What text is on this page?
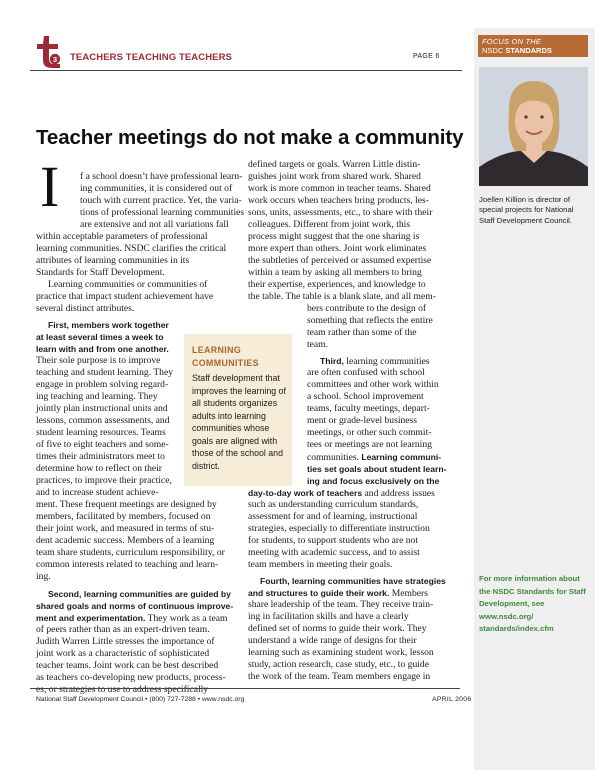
3 TEACHERS TEACHING TEACHERS	PAGE 6
FOCUS ON THE
NSDC STANDARDS
Joellen Killion is director of special projects for National Staff Development Council.
For more information about the NSDC Standards for Staff Development, see www.nsdc.org/ standards/index.cfm
Teacher meetings do not make a community
I f a school doesn’t have professional learn-
ing communities, it is considered out of
touch with current practice. Yet, the varia-
tions of professional learning communities
are extensive and not all variations fall
within acceptable parameters of professional
learning communities. NSDC clarifies the critical
attributes of learning communities in its
Standards for Staff Development.
Learning communities or communities of
practice that impact student achievement have
several distinct attributes.
First, members work together
at least several times a week to
learn with and from one another.
Their sole purpose is to improve
teaching and student learning. They
engage in problem solving regard-
ing teaching and learning. They
jointly plan instructional units and
lessons, common assessments, and
student learning resources. Teams
of five to eight teachers and some-
times their administrators meet to
determine how to reflect on their
practices, to improve their practice,
and to increase student achieve-
ment. These frequent meetings are designed by
members, facilitated by members, focused on
their joint work, and measured in terms of stu-
dent academic success. Members of a learning
team share students, curriculum responsibility, or
common interests related to teaching and learn-
ing.
Second, learning communities are guided by
shared goals and norms of continuous improve-
ment and experimentation. They work as a team
of peers rather than as an expert-driven team.
Judith Warren Little stresses the importance of
joint work as a characteristic of sophisticated
teacher teams. Joint work can be best described
as teachers co-developing new products, process-
es, or strategies to use to address specifically
LEARNING
COMMUNITIES
Staff development that improves the learning of all students organizes adults into learning communities whose goals are aligned with those of the school and district.
defined targets or goals. Warren Little distin-
guishes joint work from shared work. Shared
work is more common in teacher teams. Shared
work occurs when teachers bring products, les-
sons, units, assessments, etc., to share with their
colleagues. Different from joint work, this
process might suggest that the one sharing is
more expert than others. Joint work eliminates
the subtleties of perceived or assumed expertise
within a team by asking all members to bring
their expertise, experiences, and knowledge to
the table. The table is a blank slate, and all mem-
bers contribute to the design of
something that reflects the entire
team rather than some of the
team.
Third, learning communities
are often confused with school
committees and other work within
a school. School improvement
teams, faculty meetings, depart-
ment or grade-level business
meetings, or other such commit-
tees or meetings are not learning
communities. Learning communi-
ties set goals about student learn-
ing and focus exclusively on the
day-to-day work of teachers and address issues
such as understanding curriculum standards,
assessment for and of learning, instructional
strategies, especially to differentiate instruction
for students, to support students who are not
meeting with academic success, and to assist
team members in meeting their goals.
Fourth, learning communities have strategies
and structures to guide their work. Members
share leadership of the team. They receive train-
ing in facilitation skills and have a clearly
defined set of norms to guide their work. They
understand a wide range of designs for their
learning such as examining student work, lesson
study, action research, case study, etc., to guide
the work of the team. Team members engage in
National Staff Development Council • (800) 727-7288 • www.nsdc.org	APRIL 2006
